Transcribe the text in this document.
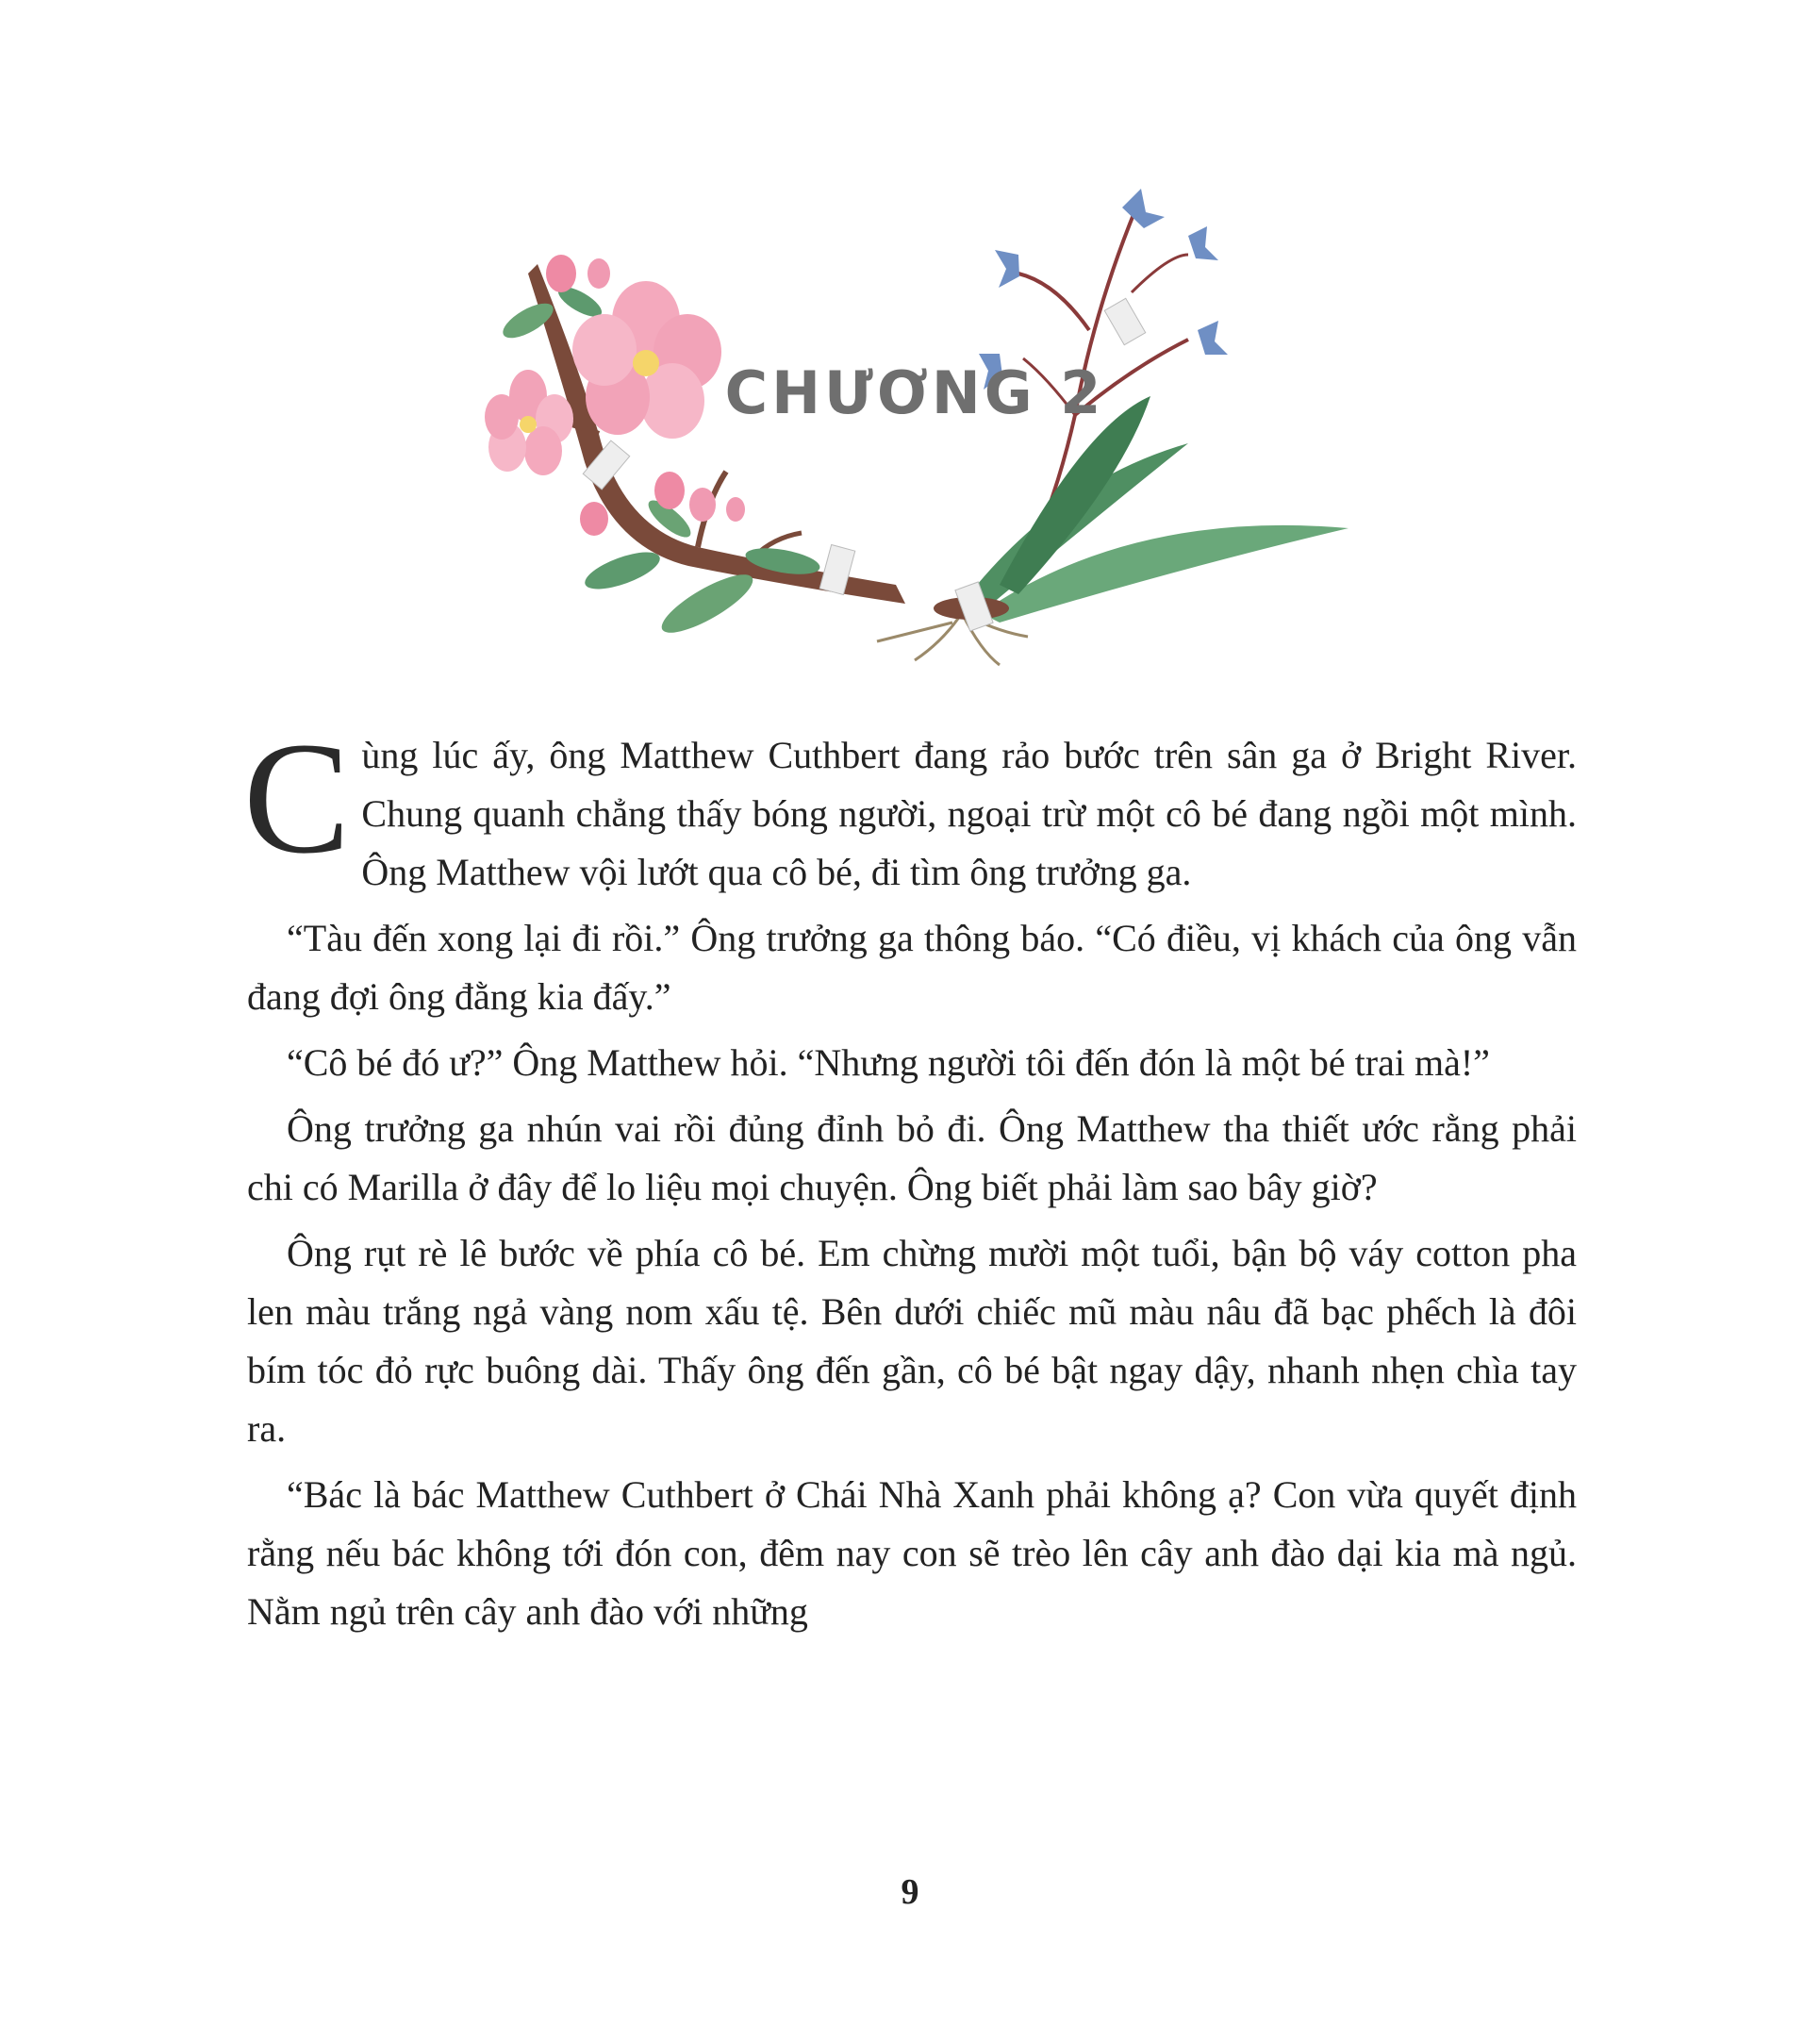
CHƯƠNG 2

Cùng lúc ấy, ông Matthew Cuthbert đang rảo bước trên sân ga ở Bright River. Chung quanh chẳng thấy bóng người, ngoại trừ một cô bé đang ngồi một mình. Ông Matthew vội lướt qua cô bé, đi tìm ông trưởng ga.

“Tàu đến xong lại đi rồi.” Ông trưởng ga thông báo. “Có điều, vị khách của ông vẫn đang đợi ông đằng kia đấy.”

“Cô bé đó ư?” Ông Matthew hỏi. “Nhưng người tôi đến đón là một bé trai mà!”

Ông trưởng ga nhún vai rồi đủng đỉnh bỏ đi. Ông Matthew tha thiết ước rằng phải chi có Marilla ở đây để lo liệu mọi chuyện. Ông biết phải làm sao bây giờ?

Ông rụt rè lê bước về phía cô bé. Em chừng mười một tuổi, bận bộ váy cotton pha len màu trắng ngả vàng nom xấu tệ. Bên dưới chiếc mũ màu nâu đã bạc phếch là đôi bím tóc đỏ rực buông dài. Thấy ông đến gần, cô bé bật ngay dậy, nhanh nhẹn chìa tay ra.

“Bác là bác Matthew Cuthbert ở Chái Nhà Xanh phải không ạ? Con vừa quyết định rằng nếu bác không tới đón con, đêm nay con sẽ trèo lên cây anh đào dại kia mà ngủ. Nằm ngủ trên cây anh đào với những

9
